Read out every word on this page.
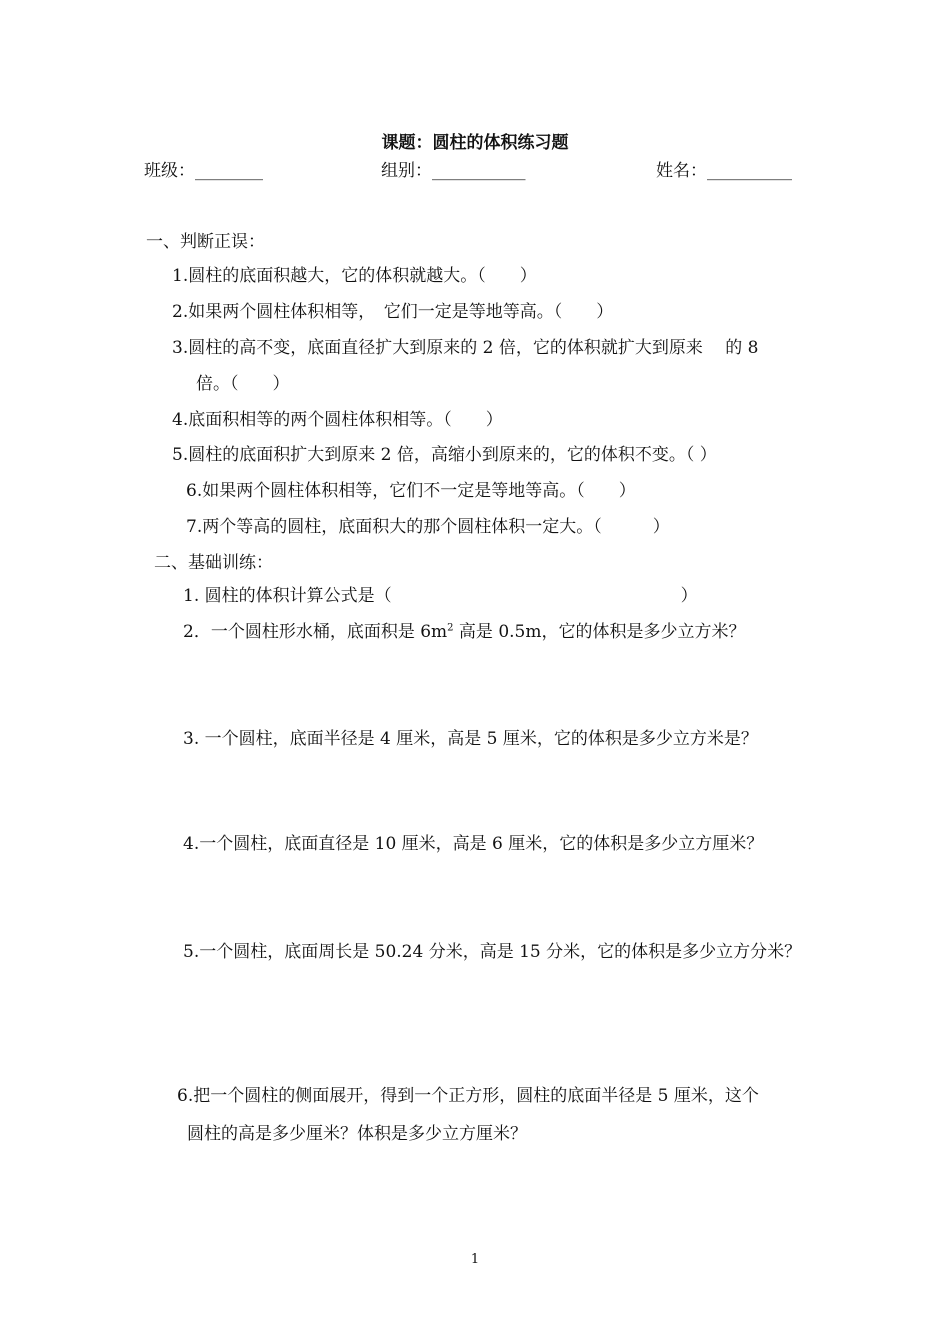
课题：圆柱的体积练习题
班级：________	组别：___________	姓名：__________
一、判断正误：
1.圆柱的底面积越大，它的体积就越大。（　　）
2.如果两个圆柱体积相等，　它们一定是等地等高。（　　）
3.圆柱的高不变，底面直径扩大到原来的 2 倍，它的体积就扩大到原来　 的 8
倍。（　　）
4.底面积相等的两个圆柱体积相等。（　　）
5.圆柱的底面积扩大到原来 2 倍，高缩小到原来的，它的体积不变。（ ）
6.如果两个圆柱体积相等，它们不一定是等地等高。（　　）
7.两个等高的圆柱，底面积大的那个圆柱体积一定大。（　　　）
二、基础训练：
1. 圆柱的体积计算公式是（　　　　　　　　　　　　　　　　　）
2．一个圆柱形水桶，底面积是 $6m^2$ 高是 0.5m，它的体积是多少立方米？
3. 一个圆柱，底面半径是 4 厘米，高是 5 厘米，它的体积是多少立方米是？
4.一个圆柱，底面直径是 10 厘米，高是 6 厘米，它的体积是多少立方厘米？
5.一个圆柱，底面周长是 50.24 分米，高是 15 分米，它的体积是多少立方分米？
6.把一个圆柱的侧面展开，得到一个正方形，圆柱的底面半径是 5 厘米，这个
圆柱的高是多少厘米？体积是多少立方厘米？
1
